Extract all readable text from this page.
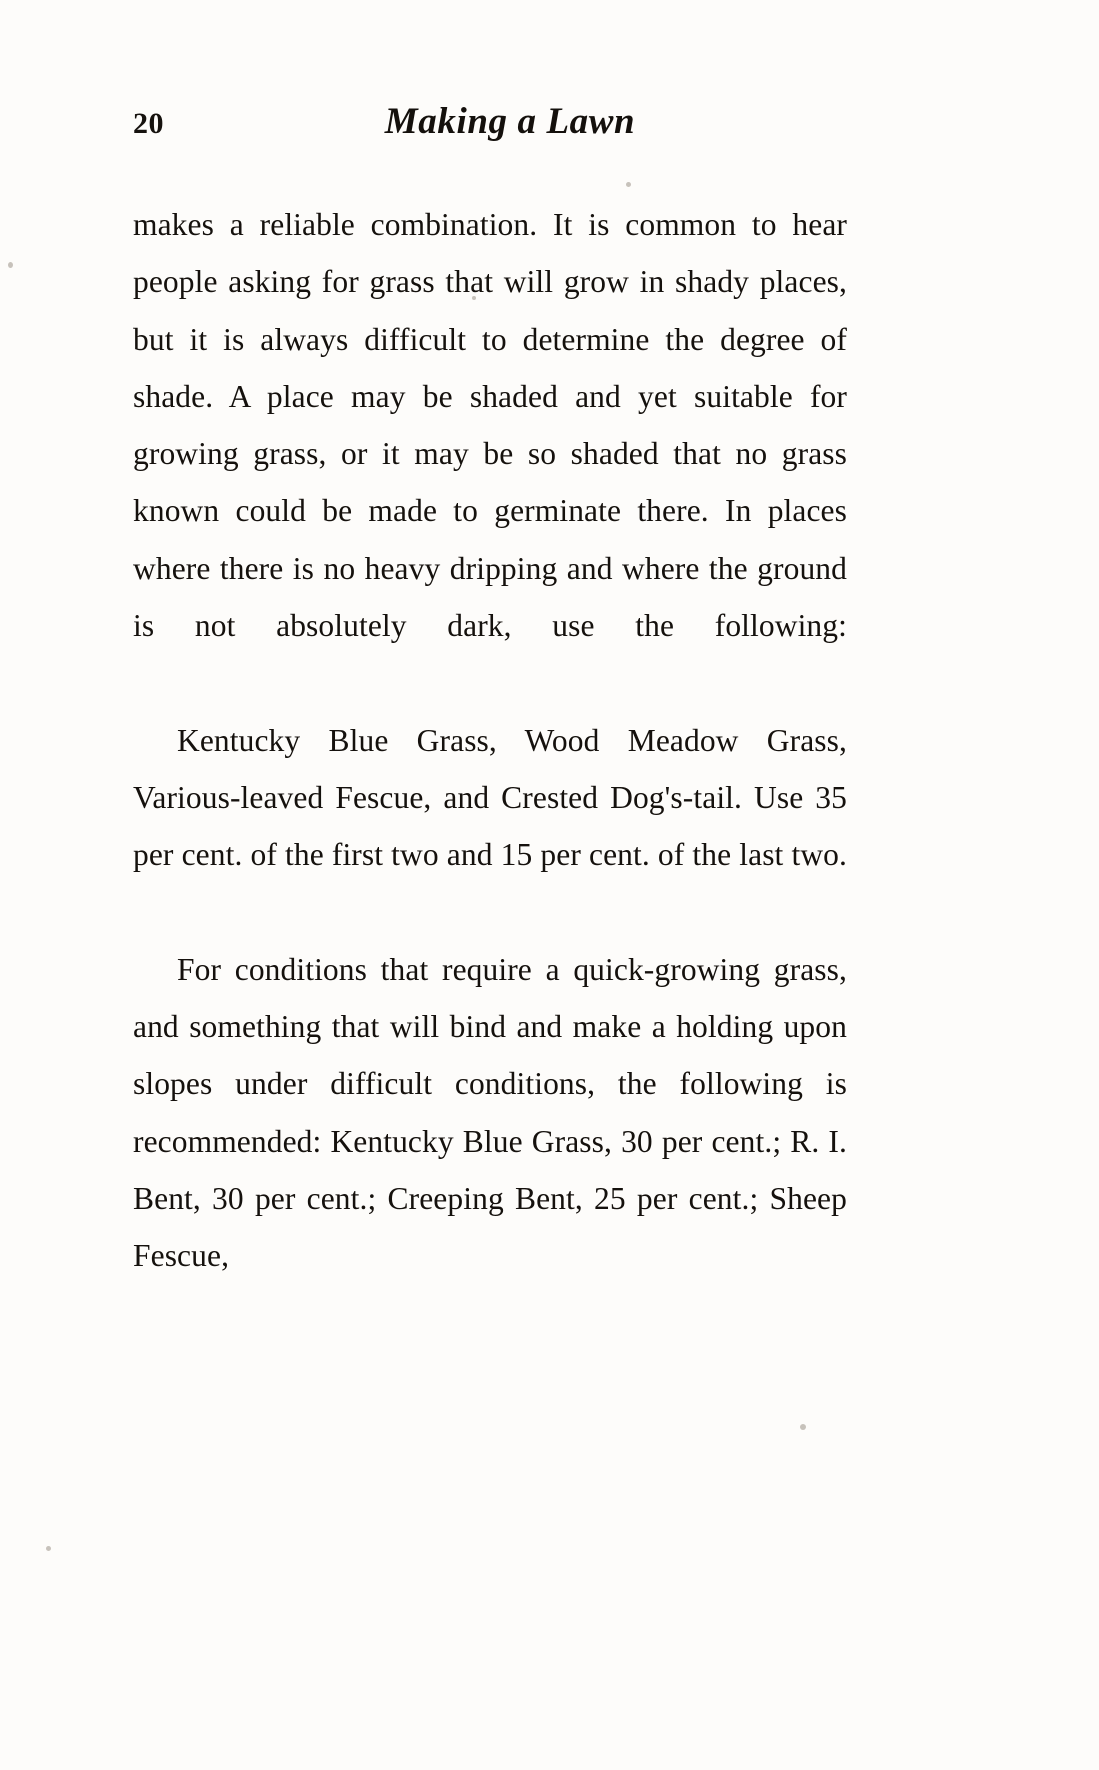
20	Making a Lawn

makes a reliable combination. It is common to hear people asking for grass that will grow in shady places, but it is always difficult to determine the degree of shade. A place may be shaded and yet suitable for growing grass, or it may be so shaded that no grass known could be made to germinate there. In places where there is no heavy dripping and where the ground is not absolutely dark, use the following:

Kentucky Blue Grass, Wood Meadow Grass, Various-leaved Fescue, and Crested Dog's-tail. Use 35 per cent. of the first two and 15 per cent. of the last two.

For conditions that require a quick-growing grass, and something that will bind and make a holding upon slopes under difficult conditions, the following is recommended: Kentucky Blue Grass, 30 per cent.; R. I. Bent, 30 per cent.; Creeping Bent, 25 per cent.; Sheep Fescue,
